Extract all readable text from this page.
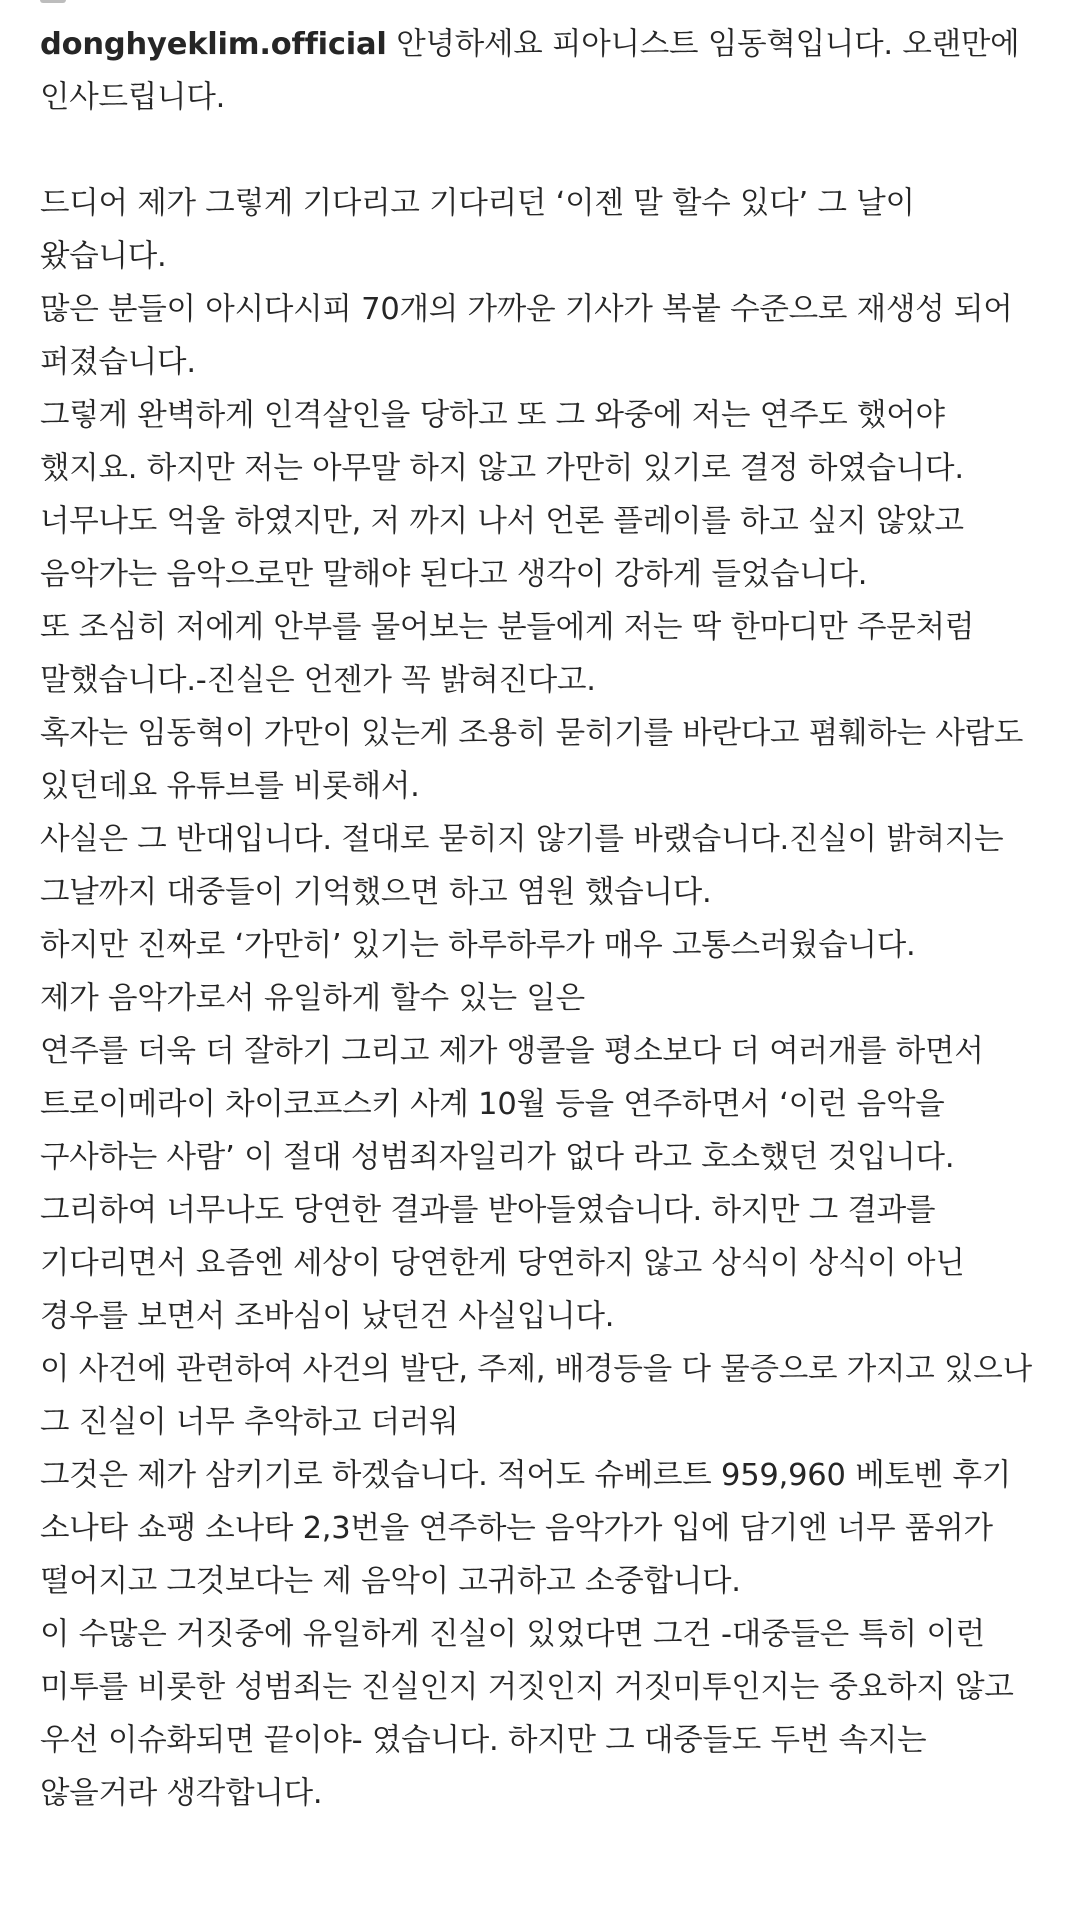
donghyeklim.official 안녕하세요 피아니스트 임동혁입니다. 오랜만에 인사드립니다.

드디어 제가 그렇게 기다리고 기다리던 ‘이젠 말 할수 있다’ 그 날이 왔습니다.

많은 분들이 아시다시피 70개의 가까운 기사가 복붙 수준으로 재생성 되어 퍼졌습니다.

그렇게 완벽하게 인격살인을 당하고 또 그 와중에 저는 연주도 했어야 했지요. 하지만 저는 아무말 하지 않고 가만히 있기로 결정 하였습니다.

너무나도 억울 하였지만, 저 까지 나서 언론 플레이를 하고 싶지 않았고 음악가는 음악으로만 말해야 된다고 생각이 강하게 들었습니다.

또 조심히 저에게 안부를 물어보는 분들에게 저는 딱 한마디만 주문처럼 말했습니다.-진실은 언젠가 꼭 밝혀진다고.

혹자는 임동혁이 가만이 있는게 조용히 묻히기를 바란다고 폄훼하는 사람도 있던데요 유튜브를 비롯해서.

사실은 그 반대입니다. 절대로 묻히지 않기를 바랬습니다.진실이 밝혀지는 그날까지 대중들이 기억했으면 하고 염원 했습니다.

하지만 진짜로 ‘가만히’ 있기는 하루하루가 매우 고통스러웠습니다.

제가 음악가로서 유일하게 할수 있는 일은

연주를 더욱 더 잘하기 그리고 제가 앵콜을 평소보다 더 여러개를 하면서 트로이메라이 차이코프스키 사계 10월 등을 연주하면서 ‘이런 음악을 구사하는 사람’ 이 절대 성범죄자일리가 없다 라고 호소했던 것입니다.

그리하여 너무나도 당연한 결과를 받아들였습니다. 하지만 그 결과를 기다리면서 요즘엔 세상이 당연한게 당연하지 않고 상식이 상식이 아닌 경우를 보면서 조바심이 났던건 사실입니다.

이 사건에 관련하여 사건의 발단, 주제, 배경등을 다 물증으로 가지고 있으나 그 진실이 너무 추악하고 더러워

그것은 제가 삼키기로 하겠습니다. 적어도 슈베르트 959,960 베토벤 후기 소나타 쇼팽 소나타 2,3번을 연주하는 음악가가 입에 담기엔 너무 품위가 떨어지고 그것보다는 제 음악이 고귀하고 소중합니다.

이 수많은 거짓중에 유일하게 진실이 있었다면 그건 -대중들은 특히 이런 미투를 비롯한 성범죄는 진실인지 거짓인지 거짓미투인지는 중요하지 않고 우선 이슈화되면 끝이야- 였습니다. 하지만 그 대중들도 두번 속지는 않을거라 생각합니다.
